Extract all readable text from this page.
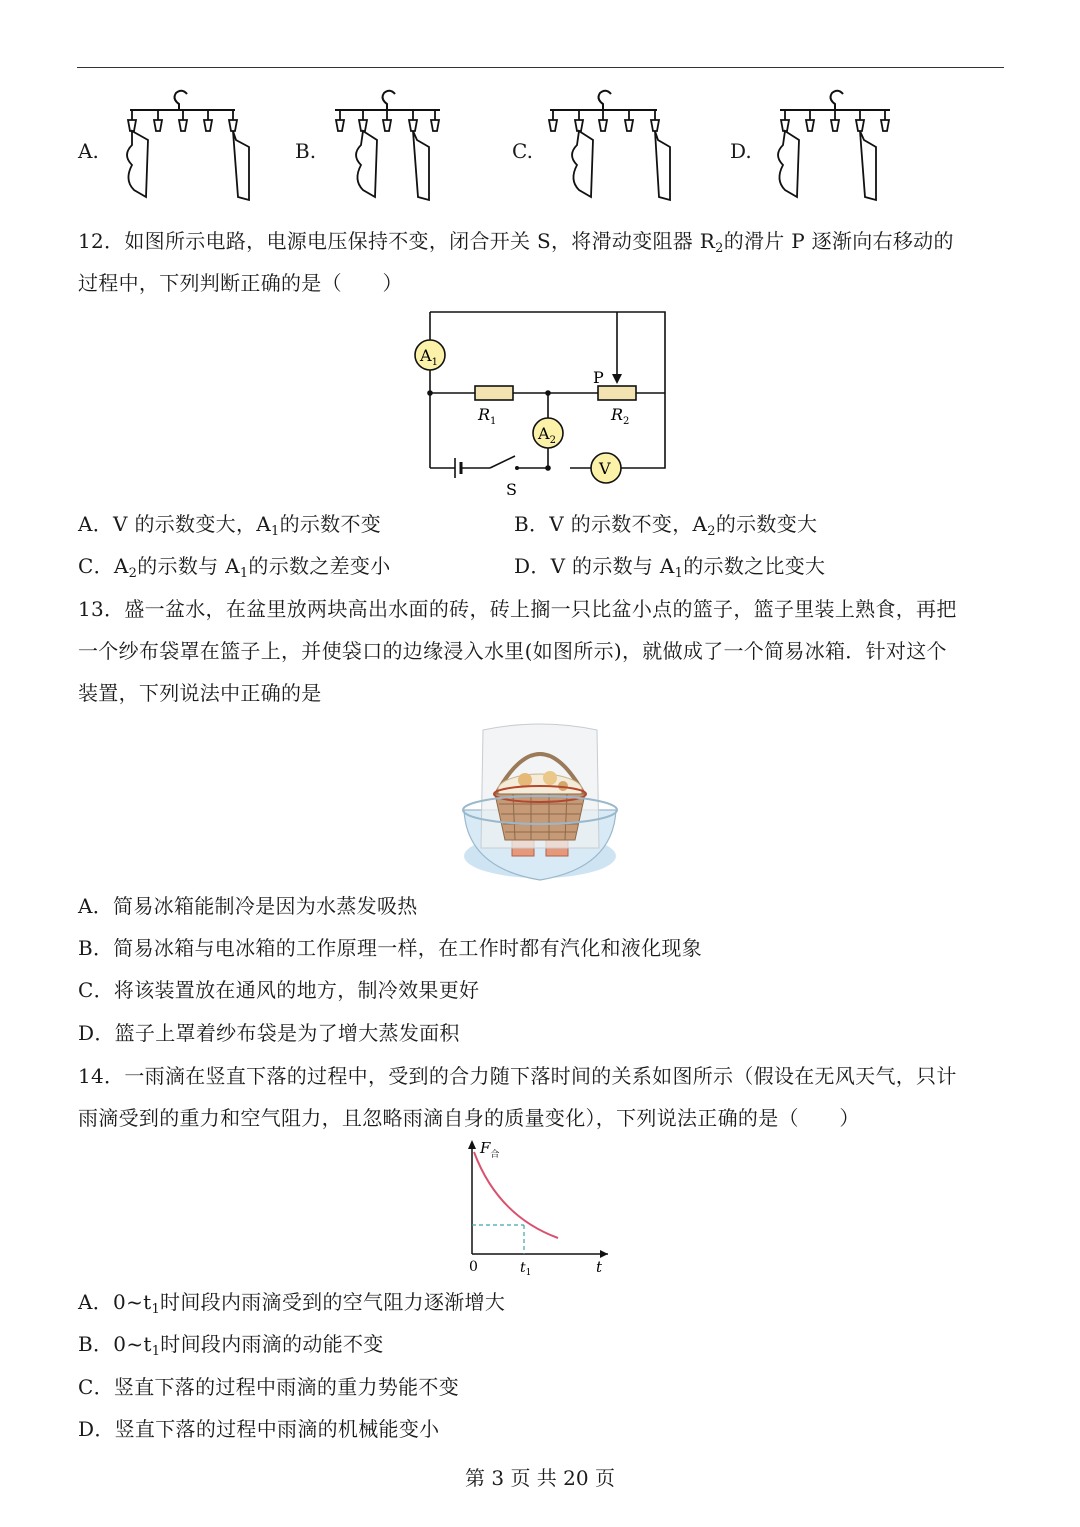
A.	B.	C.	D.
12．如图所示电路，电源电压保持不变，闭合开关 S，将滑动变阻器 $R_2$的滑片 P 逐渐向右移动的
过程中，下列判断正确的是（　　）
$A_1$
$A_2$
V
P
$R_1$	$R_2$
S
A．V 的示数变大，$A_1$的示数不变	B．V 的示数不变，$A_2$的示数变大
C．$A_2$的示数与 $A_1$的示数之差变小	D．V 的示数与 $A_1$的示数之比变大
13．盛一盆水，在盆里放两块高出水面的砖，砖上搁一只比盆小点的篮子，篮子里装上熟食，再把
一个纱布袋罩在篮子上，并使袋口的边缘浸入水里(如图所示)，就做成了一个简易冰箱．针对这个
装置，下列说法中正确的是
A．简易冰箱能制冷是因为水蒸发吸热
B．简易冰箱与电冰箱的工作原理一样，在工作时都有汽化和液化现象
C．将该装置放在通风的地方，制冷效果更好
D．篮子上罩着纱布袋是为了增大蒸发面积
14．一雨滴在竖直下落的过程中，受到的合力随下落时间的关系如图所示（假设在无风天气，只计
雨滴受到的重力和空气阻力，且忽略雨滴自身的质量变化），下列说法正确的是（　　）
$F_合$
t
0	$t_1$
A．$0\sim t_1$时间段内雨滴受到的空气阻力逐渐增大
B．$0\sim t_1$时间段内雨滴的动能不变
C．竖直下落的过程中雨滴的重力势能不变
D．竖直下落的过程中雨滴的机械能变小
第 3 页 共 20 页
